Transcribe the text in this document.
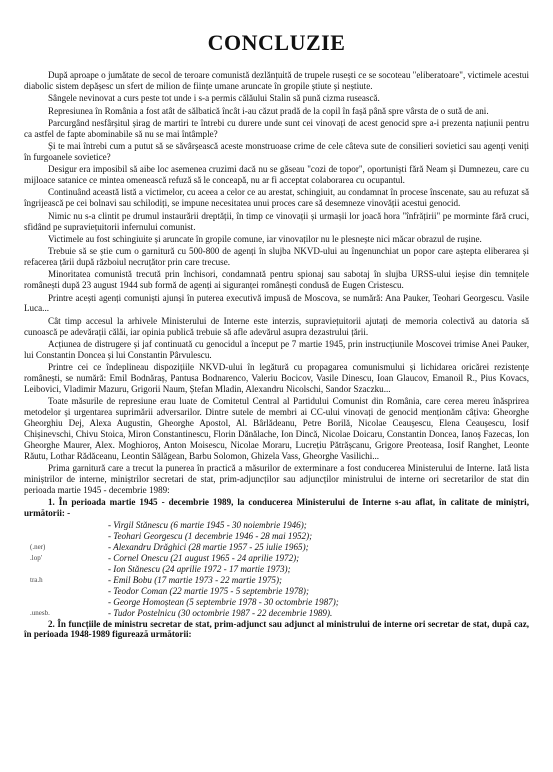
CONCLUZIE

După aproape o jumătate de secol de teroare comunistă dezlănțuită de trupele rusești ce se socoteau "eliberatoare", victimele acestui diabolic sistem depășesc un sfert de milion de ființe umane aruncate în gropile știute și neștiute.

Sângele nevinovat a curs peste tot unde i s-a permis călăului Stalin să pună cizma rusească.

Represiunea în România a fost atât de sălbatică încât i-au căzut pradă de la copil în fașă până spre vârsta de o sută de ani.

Parcurgând nesfârșitul șirag de martiri te întrebi cu durere unde sunt cei vinovați de acest genocid spre a-i prezenta națiunii pentru ca astfel de fapte abominabile să nu se mai întâmple?

Și te mai întrebi cum a putut să se săvârșească aceste monstruoase crime de cele câteva sute de consilieri sovietici sau agenți veniți în furgoanele sovietice?

Desigur era imposibil să aibe loc asemenea cruzimi dacă nu se găseau "cozi de topor", oportuniști fără Neam și Dumnezeu, care cu mijloace satanice ce mintea omenească refuză să le conceapă, nu ar fi acceptat colaborarea cu ocupantul.

Continuând această listă a victimelor, cu aceea a celor ce au arestat, schingiuit, au condamnat în procese înscenate, sau au refuzat să îngrijească pe cei bolnavi sau schilodiți, se impune necesitatea unui proces care să desemneze vinovății acestui genocid.

Nimic nu s-a clintit pe drumul instaurării dreptății, în timp ce vinovații și urmașii lor joacă hora "înfrățirii" pe morminte fără cruci, sfidând pe supraviețuitorii infernului comunist.

Victimele au fost schingiuite și aruncate în gropile comune, iar vinovaților nu le plesnește nici măcar obrazul de rușine.

Trebuie să se știe cum o garnitură cu 500-800 de agenți în slujba NKVD-ului au îngenunchiat un popor care aștepta eliberarea și refacerea țării după războiul necruțător prin care trecuse.

Minoritatea comunistă trecută prin închisori, condamnată pentru spionaj sau sabotaj în slujba URSS-ului ieșise din temnițele românești după 23 august 1944 sub formă de agenți ai siguranței românești condusă de Eugen Cristescu.

Printre acești agenți comuniști ajunși în puterea executivă impusă de Moscova, se numără: Ana Pauker, Teohari Georgescu. Vasile Luca...

Cât timp accesul la arhivele Ministerului de Interne este interzis, supraviețuitorii ajutați de memoria colectivă au datoria să cunoască pe adevărații călăi, iar opinia publică trebuie să afle adevărul asupra dezastrului țării.

Acțiunea de distrugere și jaf continuată cu genocidul a început pe 7 martie 1945, prin instrucțiunile Moscovei trimise Anei Pauker, lui Constantin Doncea și lui Constantin Pârvulescu.

Printre cei ce îndeplineau dispozițiile NKVD-ului în legătură cu propagarea comunismului și lichidarea oricărei rezistențe românești, se numără: Emil Bodnăraș, Pantusa Bodnarenco, Valeriu Bocicov, Vasile Dinescu, Ioan Glaucov, Emanoil R., Pius Kovacs, Leibovici, Vladimir Mazuru, Grigorii Naum, Ștefan Mladin, Alexandru Nicolschi, Sandor Szaczku...

Toate măsurile de represiune erau luate de Comitetul Central al Partidului Comunist din România, care cerea mereu înăsprirea metodelor și urgentarea suprimării adversarilor. Dintre sutele de membri ai CC-ului vinovați de genocid menționăm câțiva: Gheorghe Gheorghiu Dej, Alexa Augustin, Gheorghe Apostol, Al. Bârlădeanu, Petre Borilă, Nicolae Ceaușescu, Elena Ceaușescu, Iosif Chișinevschi, Chivu Stoica, Miron Constantinescu, Florin Dănălache, Ion Dincă, Nicolae Doicaru, Constantin Doncea, Ianoș Fazecas, Ion Gheorghe Maurer, Alex. Moghioroș, Anton Moisescu, Nicolae Moraru, Lucrețiu Pătrășcanu, Grigore Preoteasa, Iosif Ranghet, Leonte Răutu, Lothar Rădăceanu, Leontin Sălăgean, Barbu Solomon, Ghizela Vass, Gheorghe Vasilichi...

Prima garnitură care a trecut la punerea în practică a măsurilor de exterminare a fost conducerea Ministerului de Interne. Iată lista miniștrilor de interne, miniștrilor secretari de stat, prim-adjuncților sau adjuncților ministrului de interne ori secretarilor de stat din perioada martie 1945 - decembrie 1989:

1. În perioada martie 1945 - decembrie 1989, la conducerea Ministerului de Interne s-au aflat, în calitate de miniștri, următorii: -

- Virgil Stănescu (6 martie 1945 - 30 noiembrie 1946);
- Teohari Georgescu (1 decembrie 1946 - 28 mai 1952);
(.ner)	- Alexandru Drăghici (28 martie 1957 - 25 iulie 1965);
.lop'	- Cornel Onescu (21 august 1965 - 24 aprilie 1972);
- Ion Stănescu (24 aprilie 1972 - 17 martie 1973);
tra.h	- Emil Bobu (17 martie 1973 - 22 martie 1975);
- Teodor Coman (22 martie 1975 - 5 septembrie 1978);
- George Homoștean (5 septembrie 1978 - 30 octombrie 1987);
.unesb.	- Tudor Postelnicu (30 octombrie 1987 - 22 decembrie 1989).

2. În funcțiile de ministru secretar de stat, prim-adjunct sau adjunct al ministrului de interne ori secretar de stat, după caz, în perioada 1948-1989 figurează următorii:
